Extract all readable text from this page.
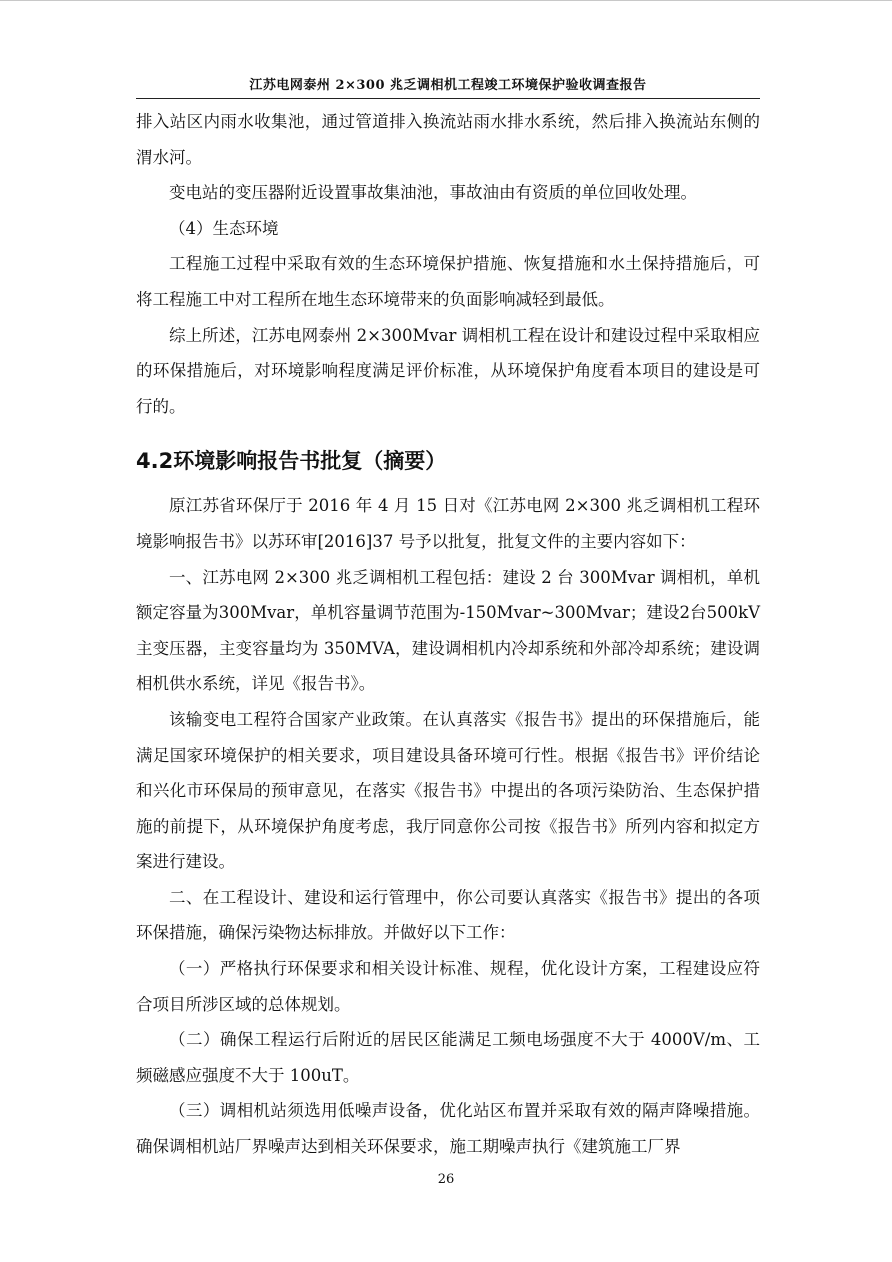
江苏电网泰州 2×300 兆乏调相机工程竣工环境保护验收调查报告

排入站区内雨水收集池，通过管道排入换流站雨水排水系统，然后排入换流站东侧的渭水河。

变电站的变压器附近设置事故集油池，事故油由有资质的单位回收处理。

（4）生态环境

工程施工过程中采取有效的生态环境保护措施、恢复措施和水土保持措施后，可将工程施工中对工程所在地生态环境带来的负面影响减轻到最低。

综上所述，江苏电网泰州 2×300Mvar 调相机工程在设计和建设过程中采取相应的环保措施后，对环境影响程度满足评价标准，从环境保护角度看本项目的建设是可行的。

4.2环境影响报告书批复（摘要）

原江苏省环保厅于 2016 年 4 月 15 日对《江苏电网 2×300 兆乏调相机工程环境影响报告书》以苏环审[2016]37 号予以批复，批复文件的主要内容如下：

一、江苏电网 2×300 兆乏调相机工程包括：建设 2 台 300Mvar 调相机，单机额定容量为300Mvar，单机容量调节范围为-150Mvar~300Mvar；建设2台500kV主变压器，主变容量均为 350MVA，建设调相机内冷却系统和外部冷却系统；建设调相机供水系统，详见《报告书》。

该输变电工程符合国家产业政策。在认真落实《报告书》提出的环保措施后，能满足国家环境保护的相关要求，项目建设具备环境可行性。根据《报告书》评价结论和兴化市环保局的预审意见，在落实《报告书》中提出的各项污染防治、生态保护措施的前提下，从环境保护角度考虑，我厅同意你公司按《报告书》所列内容和拟定方案进行建设。

二、在工程设计、建设和运行管理中，你公司要认真落实《报告书》提出的各项环保措施，确保污染物达标排放。并做好以下工作：

（一）严格执行环保要求和相关设计标准、规程，优化设计方案，工程建设应符合项目所涉区域的总体规划。

（二）确保工程运行后附近的居民区能满足工频电场强度不大于 4000V/m、工频磁感应强度不大于 100uT。

（三）调相机站须选用低噪声设备，优化站区布置并采取有效的隔声降噪措施。确保调相机站厂界噪声达到相关环保要求，施工期噪声执行《建筑施工厂界

26
